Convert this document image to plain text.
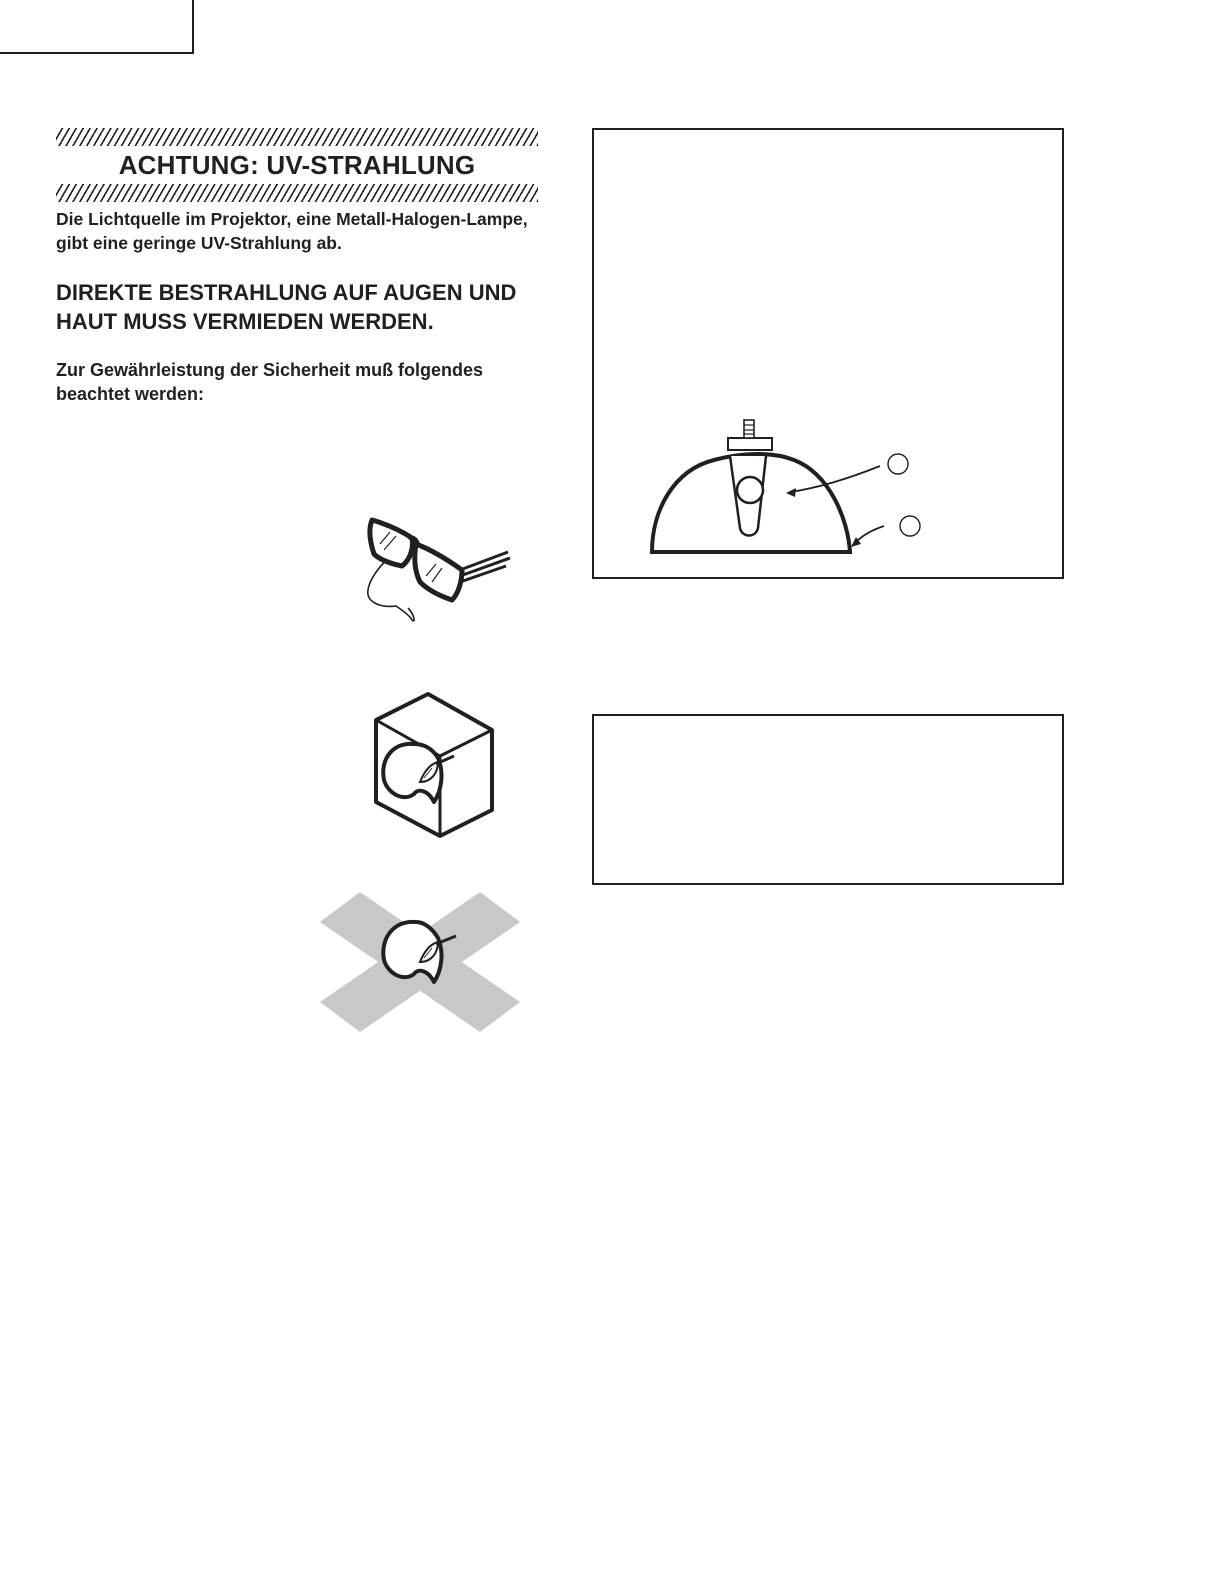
ACHTUNG: UV-STRAHLUNG

Die Lichtquelle im Projektor, eine Metall-Halogen-Lampe, gibt eine geringe UV-Strahlung ab.

DIREKTE BESTRAHLUNG AUF AUGEN UND HAUT MUSS VERMIEDEN WERDEN.

Zur Gewährleistung der Sicherheit muß folgendes beachtet werden:
